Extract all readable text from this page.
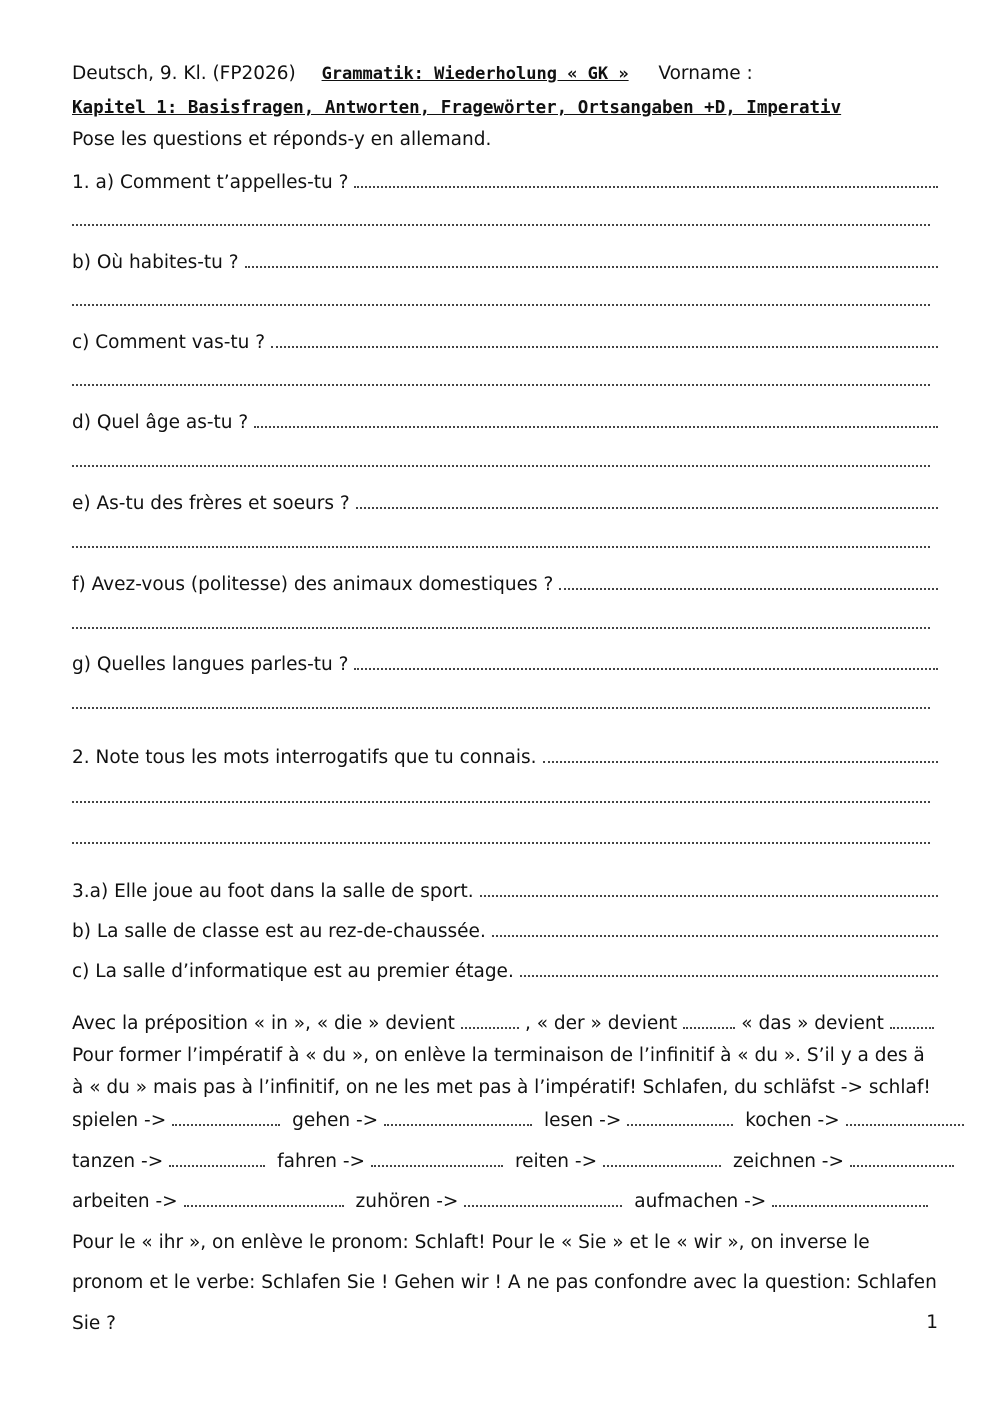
Deutsch, 9. Kl. (FP2026) Grammatik: Wiederholung « GK » Vorname :
Kapitel 1: Basisfragen, Antworten, Fragewörter, Ortsangaben +D, Imperativ
Pose les questions et réponds-y en allemand.
1. a) Comment t’appelles-tu ?
b) Où habites-tu ?
c) Comment vas-tu ?
d) Quel âge as-tu ?
e) As-tu des frères et soeurs ?
f) Avez-vous (politesse) des animaux domestiques ?
g) Quelles langues parles-tu ?
2. Note tous les mots interrogatifs que tu connais.
3.a) Elle joue au foot dans la salle de sport.
b) La salle de classe est au rez-de-chaussée.
c) La salle d’informatique est au premier étage.
Avec la préposition « in », « die » devient	, « der » devient	« das » devient
Pour former l’impératif à « du », on enlève la terminaison de l’infinitif à « du ». S’il y a des ä
à « du » mais pas à l’infinitif, on ne les met pas à l’impératif! Schlafen, du schläfst -> schlaf!
spielen ->	gehen ->	lesen ->	kochen ->
tanzen ->	fahren ->	reiten ->	zeichnen ->
arbeiten ->	zuhören ->	aufmachen ->
Pour le « ihr », on enlève le pronom: Schlaft! Pour le « Sie » et le « wir », on inverse le
pronom et le verbe: Schlafen Sie ! Gehen wir ! A ne pas confondre avec la question: Schlafen
Sie ?	1
